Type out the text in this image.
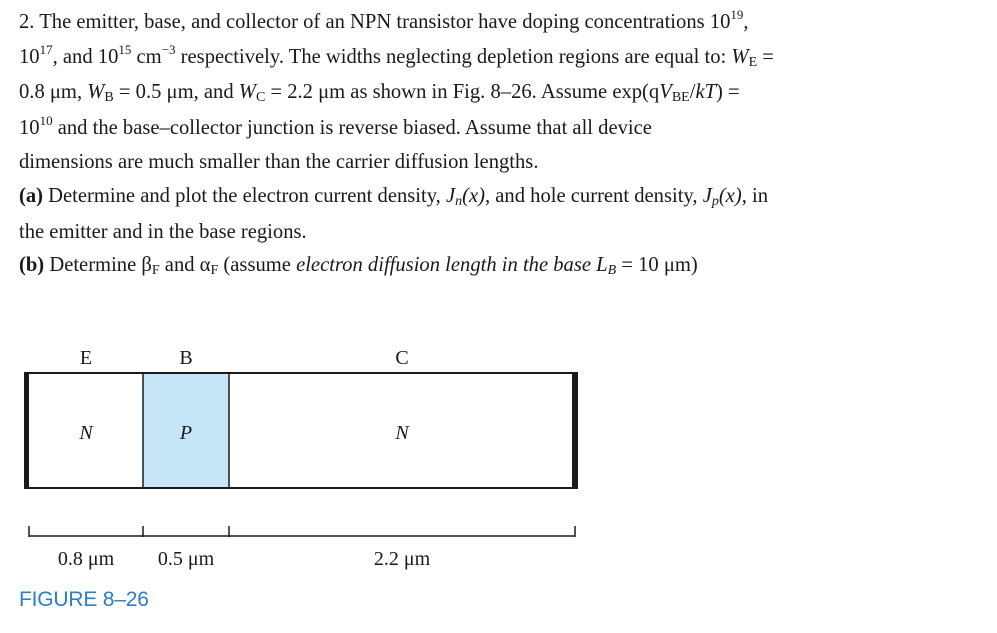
2. The emitter, base, and collector of an NPN transistor have doping concentrations $10^{19}$,
$10^{17}$, and $10^{15}$ $cm^{-3}$ respectively. The widths neglecting depletion regions are equal to: $W_E$ =
0.8 μm, $W_B = 0.5$ μm, and $W_C = 2.2$ μm as shown in Fig. 8–26. Assume $\exp(qV_{BE}/kT)$ =
$10^{10}$ and the base–collector junction is reverse biased. Assume that all device
dimensions are much smaller than the carrier diffusion lengths.
(a) Determine and plot the electron current density, $J_n(x)$, and hole current density, $J_p(x)$, in
the emitter and in the base regions.
(b) Determine $\beta_F$ and $\alpha_F$ (assume electron diffusion length in the base $L_B = 10$ μm)
E	B	C
N	P	N
0.8 μm 0.5 μm	2.2 μm
FIGURE 8–26
